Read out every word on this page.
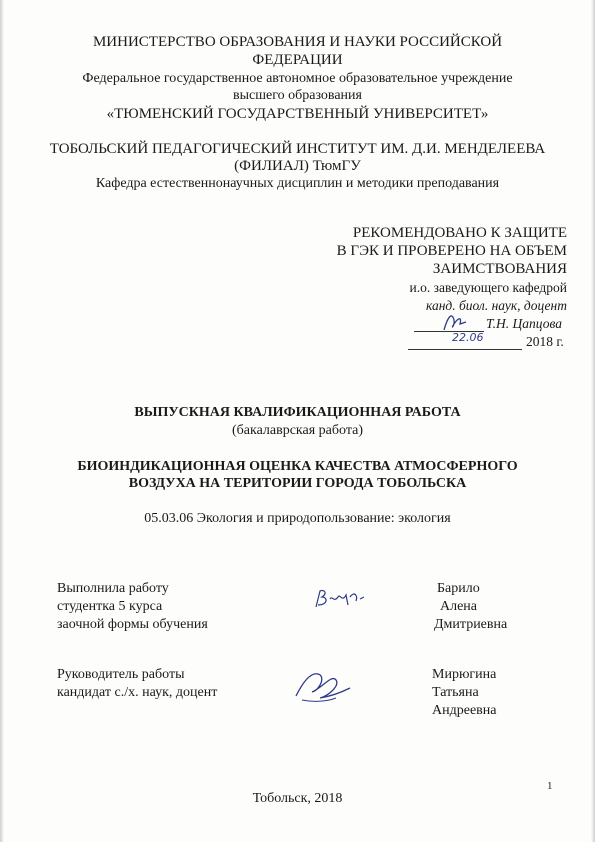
МИНИСТЕРСТВО ОБРАЗОВАНИЯ И НАУКИ РОССИЙСКОЙ
ФЕДЕРАЦИИ
Федеральное государственное автономное образовательное учреждение
высшего образования
«ТЮМЕНСКИЙ ГОСУДАРСТВЕННЫЙ УНИВЕРСИТЕТ»
ТОБОЛЬСКИЙ ПЕДАГОГИЧЕСКИЙ ИНСТИТУТ ИМ. Д.И. МЕНДЕЛЕЕВА
(ФИЛИАЛ) ТюмГУ
Кафедра естественнонаучных дисциплин и методики преподавания
РЕКОМЕНДОВАНО К ЗАЩИТЕ
В ГЭК И ПРОВЕРЕНО НА ОБЪЕМ
ЗАИМСТВОВАНИЯ
и.о. заведующего кафедрой
канд. биол. наук, доцент
Т.Н. Цапцова
22.06	2018 г.
ВЫПУСКНАЯ КВАЛИФИКАЦИОННАЯ РАБОТА
(бакалаврская работа)
БИОИНДИКАЦИОННАЯ ОЦЕНКА КАЧЕСТВА АТМОСФЕРНОГО
ВОЗДУХА НА ТЕРИТОРИИ ГОРОДА ТОБОЛЬСКА
05.03.06 Экология и природопользование: экология
Выполнила работу
студентка 5 курса
заочной формы обучения
Барило
Алена
Дмитриевна
Руководитель работы
кандидат с./х. наук, доцент
Мирюгина
Татьяна
Андреевна
1
Тобольск, 2018
